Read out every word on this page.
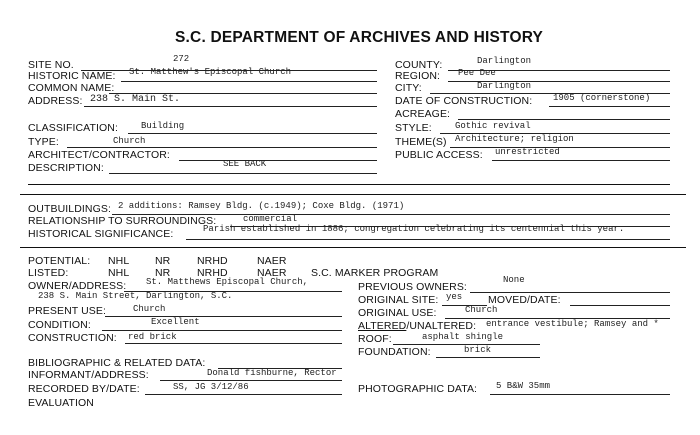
S.C. DEPARTMENT OF ARCHIVES AND HISTORY
SITE NO.	272
HISTORIC NAME: St. Matthew's Episcopal Church
COMMON NAME:
ADDRESS: 238 S. Main St.
COUNTY:	Darlington
REGION: Pee Dee
CITY:	Darlington
DATE OF CONSTRUCTION: 1905 (cornerstone)
ACREAGE:
CLASSIFICATION:	Building
TYPE:	Church
ARCHITECT/CONTRACTOR:
DESCRIPTION:	SEE BACK
STYLE:	Gothic revival
THEME(S) Architecture; religion
PUBLIC ACCESS: unrestricted
OUTBUILDINGS: 2 additions: Ramsey Bldg. (c.1949); Coxe Bldg. (1971)
RELATIONSHIP TO SURROUNDINGS:	commercial
HISTORICAL SIGNIFICANCE:	Parish established in 1886; congregation celebrating its centennial this year.
POTENTIAL: NHL NR	NRHD	NAER
LISTED:	NHL NR	NRHD	NAER S.C. MARKER PROGRAM
OWNER/ADDRESS: St. Matthews Episcopal Church,
238 S. Main Street, Darlington, S.C.
PRESENT USE:	Church
CONDITION:	Excellent
CONSTRUCTION: red brick
BIBLIOGRAPHIC & RELATED DATA:
INFORMANT/ADDRESS:	Donald fishburne, Rector
RECORDED BY/DATE:	SS, JG 3/12/86
EVALUATION
PREVIOUS OWNERS:
None
ORIGINAL SITE: yes MOVED/DATE:
ORIGINAL USE:	Church
ALTERED/UNALTERED: entrance vestibule; Ramsey and *
ROOF:	asphalt shingle
FOUNDATION:	brick
PHOTOGRAPHIC DATA: 5 B&W 35mm
